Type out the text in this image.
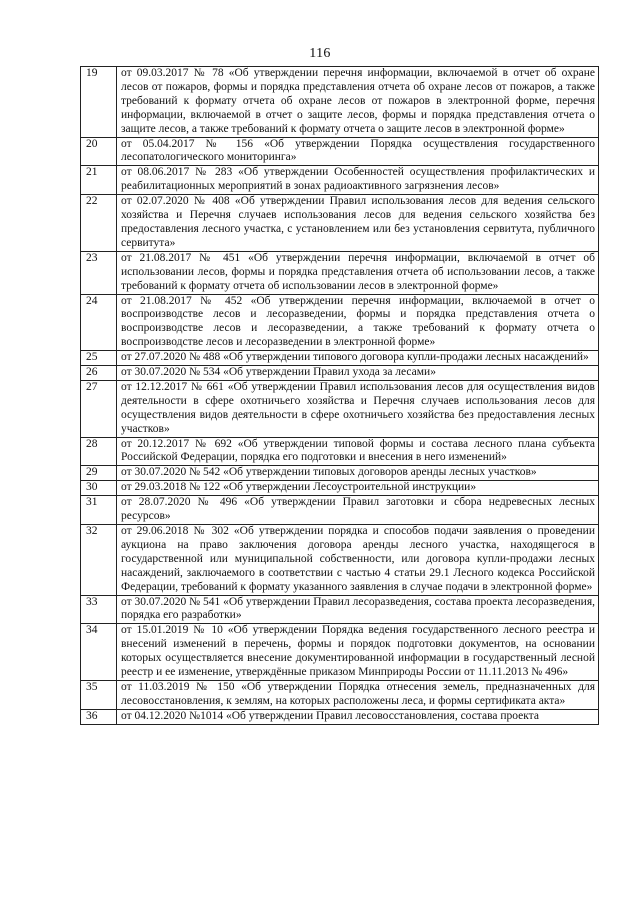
116
19	от 09.03.2017 № 78 «Об утверждении перечня информации, включаемой в отчет об охране лесов от пожаров, формы и порядка представления отчета об охране лесов от пожаров, а также требований к формату отчета об охране лесов от пожаров в электронной форме, перечня информации, включаемой в отчет о защите лесов, формы и порядка представления отчета о защите лесов, а также требований к формату отчета о защите лесов в электронной форме»
20	от 05.04.2017 № 156 «Об утверждении Порядка осуществления государственного лесопатологического мониторинга»
21	от 08.06.2017 № 283 «Об утверждении Особенностей осуществления профилактических и реабилитационных мероприятий в зонах радиоактивного загрязнения лесов»
22	от 02.07.2020 № 408 «Об утверждении Правил использования лесов для ведения сельского хозяйства и Перечня случаев использования лесов для ведения сельского хозяйства без предоставления лесного участка, с установлением или без установления сервитута, публичного сервитута»
23	от 21.08.2017 № 451 «Об утверждении перечня информации, включаемой в отчет об использовании лесов, формы и порядка представления отчета об использовании лесов, а также требований к формату отчета об использовании лесов в электронной форме»
24	от 21.08.2017 № 452 «Об утверждении перечня информации, включаемой в отчет о воспроизводстве лесов и лесоразведении, формы и порядка представления отчета о воспроизводстве лесов и лесоразведении, а также требований к формату отчета о воспроизводстве лесов и лесоразведении в электронной форме»
25	от 27.07.2020 № 488 «Об утверждении типового договора купли-продажи лесных насаждений»
26	от 30.07.2020 № 534 «Об утверждении Правил ухода за лесами»
27	от 12.12.2017 № 661 «Об утверждении Правил использования лесов для осуществления видов деятельности в сфере охотничьего хозяйства и Перечня случаев использования лесов для осуществления видов деятельности в сфере охотничьего хозяйства без предоставления лесных участков»
28	от 20.12.2017 № 692 «Об утверждении типовой формы и состава лесного плана субъекта Российской Федерации, порядка его подготовки и внесения в него изменений»
29	от 30.07.2020 № 542 «Об утверждении типовых договоров аренды лесных участков»
30	от 29.03.2018 № 122 «Об утверждении Лесоустроительной инструкции»
31	от 28.07.2020 № 496 «Об утверждении Правил заготовки и сбора недревесных лесных ресурсов»
32	от 29.06.2018 № 302 «Об утверждении порядка и способов подачи заявления о проведении аукциона на право заключения договора аренды лесного участка, находящегося в государственной или муниципальной собственности, или договора купли-продажи лесных насаждений, заключаемого в соответствии с частью 4 статьи 29.1 Лесного кодекса Российской Федерации, требований к формату указанного заявления в случае подачи в электронной форме»
33	от 30.07.2020 № 541 «Об утверждении Правил лесоразведения, состава проекта лесоразведения, порядка его разработки»
34	от 15.01.2019 № 10 «Об утверждении Порядка ведения государственного лесного реестра и внесений изменений в перечень, формы и порядок подготовки документов, на основании которых осуществляется внесение документированной информации в государственный лесной реестр и ее изменение, утверждённые приказом Минприроды России от 11.11.2013 № 496»
35	от 11.03.2019 № 150 «Об утверждении Порядка отнесения земель, предназначенных для лесовосстановления, к землям, на которых расположены леса, и формы сертификата акта»
36	от 04.12.2020 №1014 «Об утверждении Правил лесовосстановления, состава проекта
